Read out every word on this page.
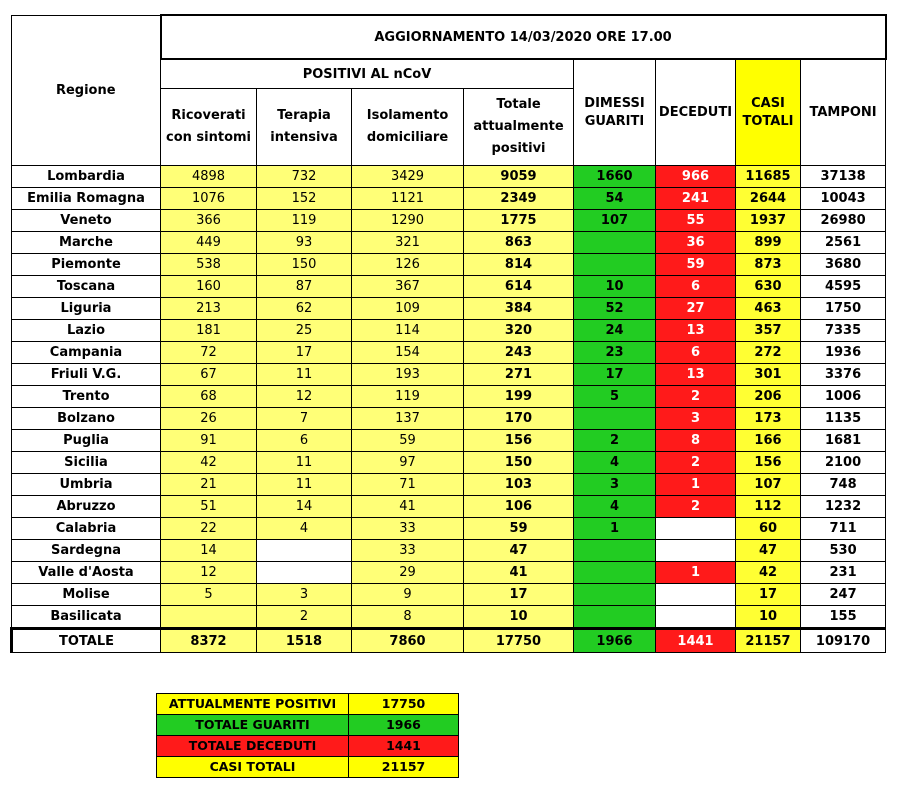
Regione	AGGIORNAMENTO 14/03/2020 ORE 17.00							
	POSITIVI AL nCoV				DIMESSI GUARITI	DECEDUTI	CASI TOTALI	TAMPONI
	Ricoverati con sintomi	Terapia intensiva	Isolamento domiciliare	Totale attualmente positivi				
Lombardia	4898	732	3429	9059	1660	966	11685	37138
Emilia Romagna	1076	152	1121	2349	54	241	2644	10043
Veneto	366	119	1290	1775	107	55	1937	26980
Marche	449	93	321	863		36	899	2561
Piemonte	538	150	126	814		59	873	3680
Toscana	160	87	367	614	10	6	630	4595
Liguria	213	62	109	384	52	27	463	1750
Lazio	181	25	114	320	24	13	357	7335
Campania	72	17	154	243	23	6	272	1936
Friuli V.G.	67	11	193	271	17	13	301	3376
Trento	68	12	119	199	5	2	206	1006
Bolzano	26	7	137	170		3	173	1135
Puglia	91	6	59	156	2	8	166	1681
Sicilia	42	11	97	150	4	2	156	2100
Umbria	21	11	71	103	3	1	107	748
Abruzzo	51	14	41	106	4	2	112	1232
Calabria	22	4	33	59	1		60	711
Sardegna	14		33	47			47	530
Valle d'Aosta	12		29	41		1	42	231
Molise	5	3	9	17			17	247
Basilicata		2	8	10			10	155
TOTALE	8372	1518	7860	17750	1966	1441	21157	109170
ATTUALMENTE POSITIVI	17750
TOTALE GUARITI	1966
TOTALE DECEDUTI	1441
CASI TOTALI	21157
